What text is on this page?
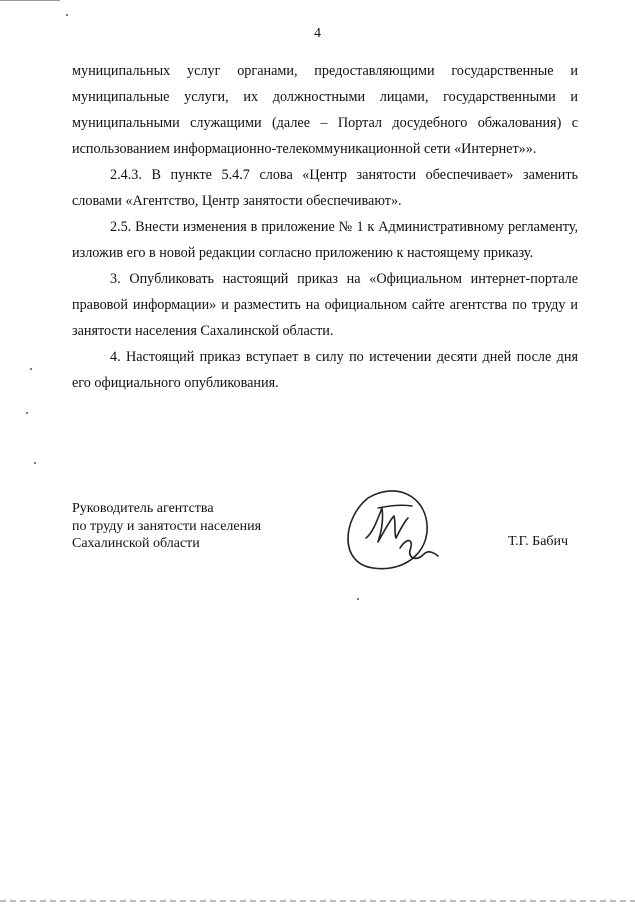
4

муниципальных услуг органами, предоставляющими государственные и муниципальные услуги, их должностными лицами, государственными и муниципальными служащими (далее – Портал досудебного обжалования) с использованием информационно-телекоммуникационной сети «Интернет»».

2.4.3. В пункте 5.4.7 слова «Центр занятости обеспечивает» заменить словами «Агентство, Центр занятости обеспечивают».

2.5. Внести изменения в приложение № 1 к Административному регламенту, изложив его в новой редакции согласно приложению к настоящему приказу.

3. Опубликовать настоящий приказ на «Официальном интернет-портале правовой информации» и разместить на официальном сайте агентства по труду и занятости населения Сахалинской области.

4. Настоящий приказ вступает в силу по истечении десяти дней после дня его официального опубликования.

Руководитель агентства
по труду и занятости населения
Сахалинской области	Т.Г. Бабич
